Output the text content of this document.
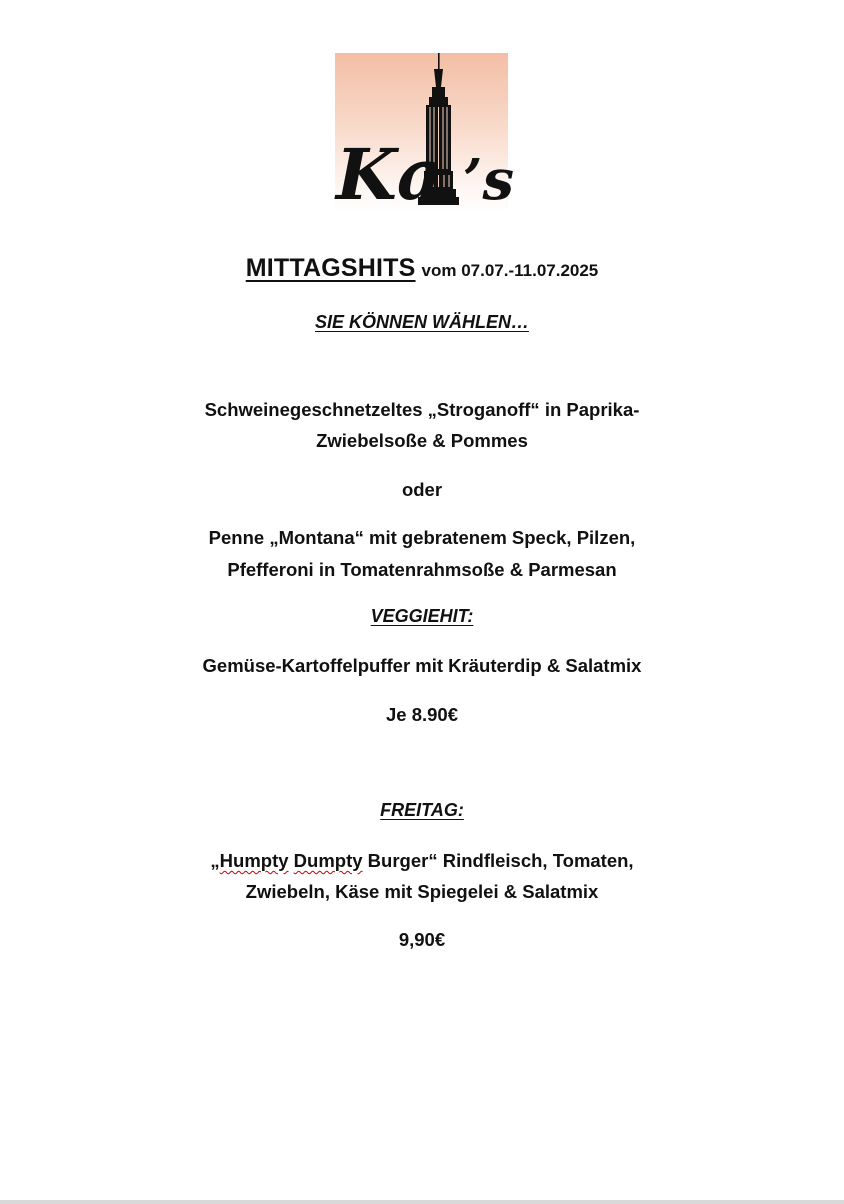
Ka ’s
MITTAGSHITS vom 07.07.-11.07.2025
SIE KÖNNEN WÄHLEN…
Schweinegeschnetzeltes „Stroganoff“ in Paprika-
Zwiebelsoße & Pommes
oder
Penne „Montana“ mit gebratenem Speck, Pilzen,
Pfefferoni in Tomatenrahmsoße & Parmesan
VEGGIEHIT:
Gemüse-Kartoffelpuffer mit Kräuterdip & Salatmix
Je 8.90€
FREITAG:
„Humpty Dumpty Burger“ Rindfleisch, Tomaten,
Zwiebeln, Käse mit Spiegelei & Salatmix
9,90€
